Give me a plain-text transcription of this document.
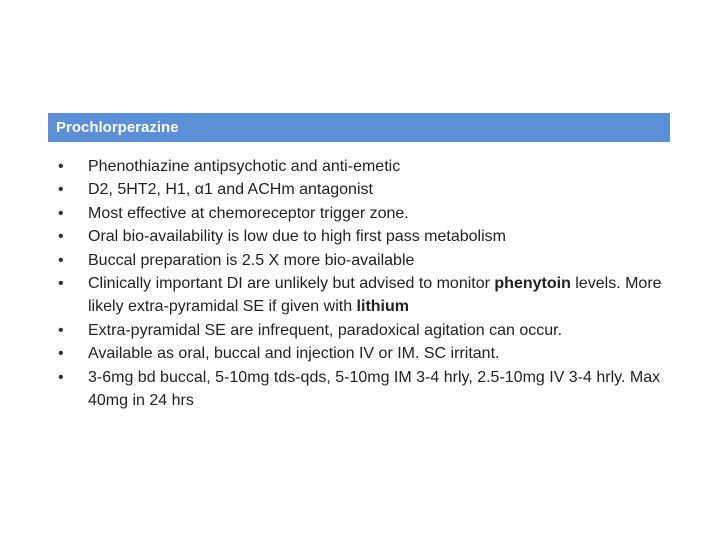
Prochlorperazine
• Phenothiazine antipsychotic and anti-emetic
• D2, 5HT2, H1, α1 and ACHm antagonist
• Most effective at chemoreceptor trigger zone.
• Oral bio-availability is low due to high first pass metabolism
• Buccal preparation is 2.5 X more bio-available
• Clinically important DI are unlikely but advised to monitor phenytoin levels. More likely extra-pyramidal SE if given with lithium
• Extra-pyramidal SE are infrequent, paradoxical agitation can occur.
• Available as oral, buccal and injection IV or IM. SC irritant.
• 3-6mg bd buccal, 5-10mg tds-qds, 5-10mg IM 3-4 hrly, 2.5-10mg IV 3-4 hrly. Max 40mg in 24 hrs
